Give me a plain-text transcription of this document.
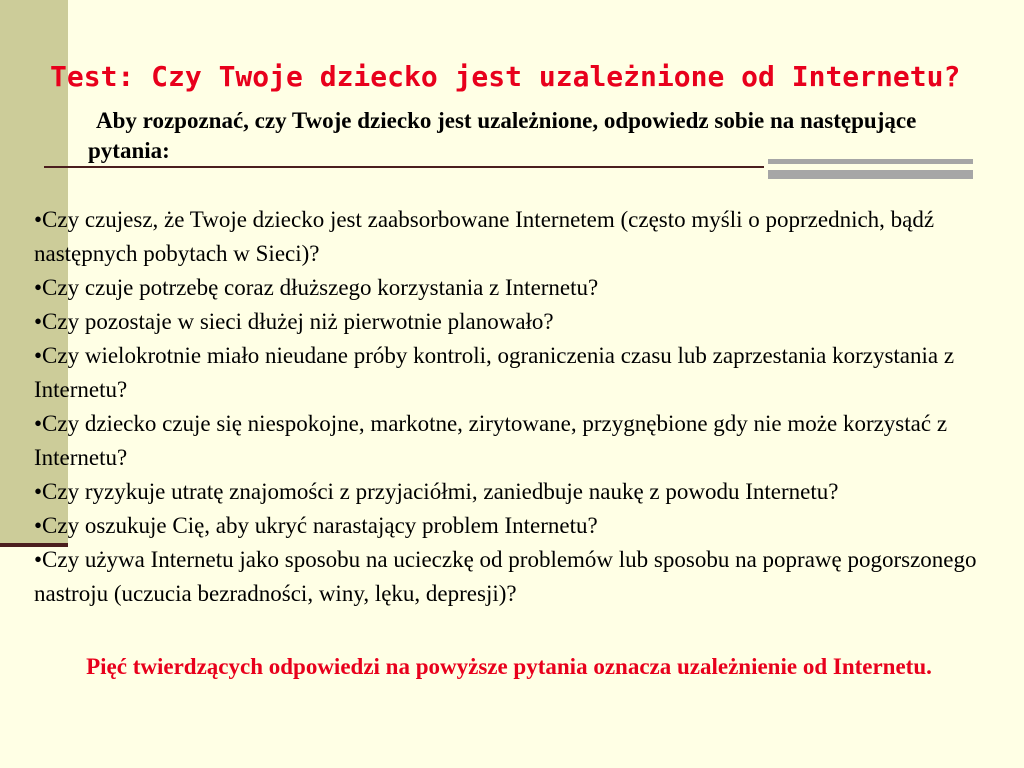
Test: Czy Twoje dziecko jest uzależnione od Internetu?

Aby rozpoznać, czy Twoje dziecko jest uzależnione, odpowiedz sobie na następujące pytania:

•Czy czujesz, że Twoje dziecko jest zaabsorbowane Internetem (często myśli o poprzednich, bądź następnych pobytach w Sieci)?
•Czy czuje potrzebę coraz dłuższego korzystania z Internetu?
•Czy pozostaje w sieci dłużej niż pierwotnie planowało?
•Czy wielokrotnie miało nieudane próby kontroli, ograniczenia czasu lub zaprzestania korzystania z Internetu?
•Czy dziecko czuje się niespokojne, markotne, zirytowane, przygnębione gdy nie może korzystać z Internetu?
•Czy ryzykuje utratę znajomości z przyjaciółmi, zaniedbuje naukę z powodu Internetu?
•Czy oszukuje Cię, aby ukryć narastający problem Internetu?
•Czy używa Internetu jako sposobu na ucieczkę od problemów lub sposobu na poprawę pogorszonego nastroju (uczucia bezradności, winy, lęku, depresji)?

Pięć twierdzących odpowiedzi na powyższe pytania oznacza uzależnienie od Internetu.
